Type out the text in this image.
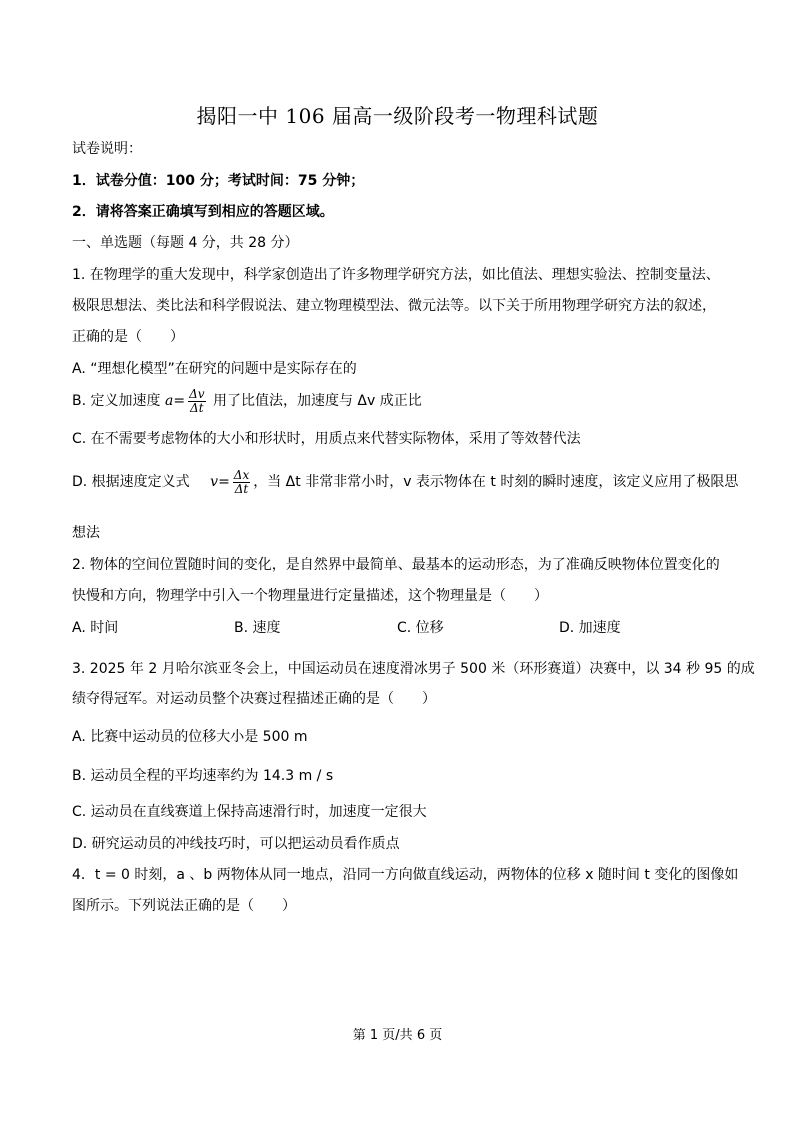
揭阳一中 106 届高一级阶段考一物理科试题
试卷说明：
1．试卷分值：100 分；考试时间：75 分钟；
2．请将答案正确填写到相应的答题区域。
一、单选题（每题 4 分，共 28 分）
1. 在物理学的重大发现中，科学家创造出了许多物理学研究方法，如比值法、理想实验法、控制变量法、
极限思想法、类比法和科学假说法、建立物理模型法、微元法等。以下关于所用物理学研究方法的叙述，
正确的是（　　）
A. “理想化模型”在研究的问题中是实际存在的
B. 定义加速度 $a= \frac{\Delta v}{\Delta t}$ 用了比值法，加速度与 Δv 成正比
C. 在不需要考虑物体的大小和形状时，用质点来代替实际物体，采用了等效替代法
D. 根据速度定义式 $v= \frac{\Delta x}{\Delta t}$ ，当 Δt 非常非常小时，v 表示物体在 t 时刻的瞬时速度，该定义应用了极限思
想法
2. 物体的空间位置随时间的变化，是自然界中最简单、最基本的运动形态，为了准确反映物体位置变化的
快慢和方向，物理学中引入一个物理量进行定量描述，这个物理量是（　　）
A. 时间	B. 速度	C. 位移	D. 加速度
3. 2025 年 2 月哈尔滨亚冬会上，中国运动员在速度滑冰男子 500 米（环形赛道）决赛中，以 34 秒 95 的成
绩夺得冠军。对运动员整个决赛过程描述正确的是（　　）
A. 比赛中运动员的位移大小是 500 m
B. 运动员全程的平均速率约为 14.3 m / s
C. 运动员在直线赛道上保持高速滑行时，加速度一定很大
D. 研究运动员的冲线技巧时，可以把运动员看作质点
4．t = 0 时刻，a 、b 两物体从同一地点，沿同一方向做直线运动，两物体的位移 x 随时间 t 变化的图像如
图所示。下列说法正确的是（　　）
第 1 页/共 6 页
